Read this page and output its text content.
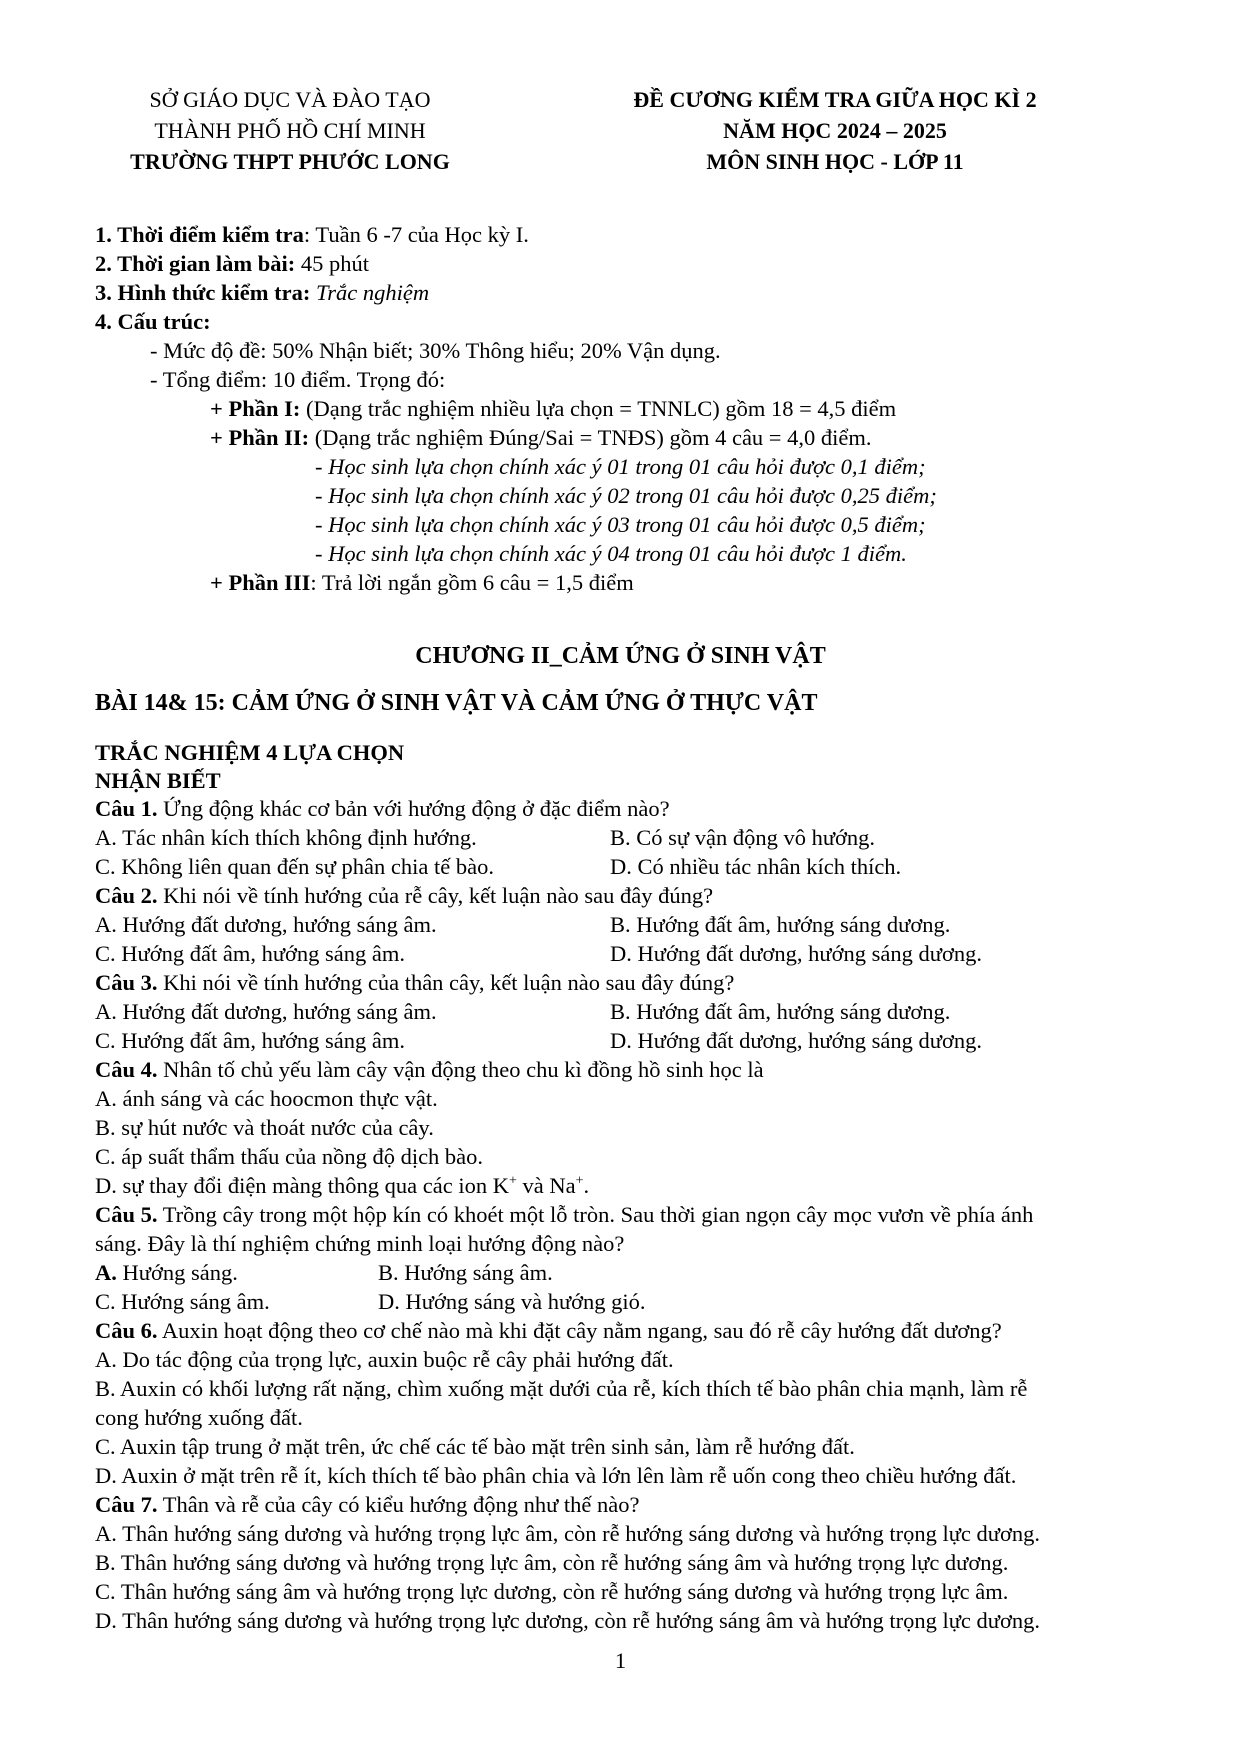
SỞ GIÁO DỤC VÀ ĐÀO TẠO
THÀNH PHỐ HỒ CHÍ MINH
TRƯỜNG THPT PHƯỚC LONG
ĐỀ CƯƠNG KIỂM TRA GIỮA HỌC KÌ 2
NĂM HỌC 2024 – 2025
MÔN SINH HỌC - LỚP 11
1. Thời điểm kiểm tra: Tuần 6 -7 của Học kỳ I.
2. Thời gian làm bài: 45 phút
3. Hình thức kiểm tra: Trắc nghiệm
4. Cấu trúc:
- Mức độ đề: 50% Nhận biết; 30% Thông hiểu; 20% Vận dụng.
- Tổng điểm: 10 điểm. Trọng đó:
+ Phần I: (Dạng trắc nghiệm nhiều lựa chọn = TNNLC) gồm 18 = 4,5 điểm
+ Phần II: (Dạng trắc nghiệm Đúng/Sai = TNĐS) gồm 4 câu = 4,0 điểm.
- Học sinh lựa chọn chính xác ý 01 trong 01 câu hỏi được 0,1 điểm;
- Học sinh lựa chọn chính xác ý 02 trong 01 câu hỏi được 0,25 điểm;
- Học sinh lựa chọn chính xác ý 03 trong 01 câu hỏi được 0,5 điểm;
- Học sinh lựa chọn chính xác ý 04 trong 01 câu hỏi được 1 điểm.
+ Phần III: Trả lời ngắn gồm 6 câu = 1,5 điểm
CHƯƠNG II_CẢM ỨNG Ở SINH VẬT
BÀI 14& 15: CẢM ỨNG Ở SINH VẬT VÀ CẢM ỨNG Ở THỰC VẬT
TRẮC NGHIỆM 4 LỰA CHỌN
NHẬN BIẾT
Câu 1. Ứng động khác cơ bản với hướng động ở đặc điểm nào?
A. Tác nhân kích thích không định hướng.	B. Có sự vận động vô hướng.
C. Không liên quan đến sự phân chia tế bào.	D. Có nhiều tác nhân kích thích.
Câu 2. Khi nói về tính hướng của rễ cây, kết luận nào sau đây đúng?
A. Hướng đất dương, hướng sáng âm.	B. Hướng đất âm, hướng sáng dương.
C. Hướng đất âm, hướng sáng âm.	D. Hướng đất dương, hướng sáng dương.
Câu 3. Khi nói về tính hướng của thân cây, kết luận nào sau đây đúng?
A. Hướng đất dương, hướng sáng âm.	B. Hướng đất âm, hướng sáng dương.
C. Hướng đất âm, hướng sáng âm.	D. Hướng đất dương, hướng sáng dương.
Câu 4. Nhân tố chủ yếu làm cây vận động theo chu kì đồng hồ sinh học là
A. ánh sáng và các hoocmon thực vật.
B. sự hút nước và thoát nước của cây.
C. áp suất thẩm thấu của nồng độ dịch bào.
D. sự thay đổi điện màng thông qua các ion K+ và Na+.
Câu 5. Trồng cây trong một hộp kín có khoét một lỗ tròn. Sau thời gian ngọn cây mọc vươn về phía ánh
sáng. Đây là thí nghiệm chứng minh loại hướng động nào?
A. Hướng sáng.	B. Hướng sáng âm.
C. Hướng sáng âm.	D. Hướng sáng và hướng gió.
Câu 6. Auxin hoạt động theo cơ chế nào mà khi đặt cây nằm ngang, sau đó rễ cây hướng đất dương?
A. Do tác động của trọng lực, auxin buộc rễ cây phải hướng đất.
B. Auxin có khối lượng rất nặng, chìm xuống mặt dưới của rễ, kích thích tế bào phân chia mạnh, làm rễ
cong hướng xuống đất.
C. Auxin tập trung ở mặt trên, ức chế các tế bào mặt trên sinh sản, làm rễ hướng đất.
D. Auxin ở mặt trên rễ ít, kích thích tế bào phân chia và lớn lên làm rễ uốn cong theo chiều hướng đất.
Câu 7. Thân và rễ của cây có kiểu hướng động như thế nào?
A. Thân hướng sáng dương và hướng trọng lực âm, còn rễ hướng sáng dương và hướng trọng lực dương.
B. Thân hướng sáng dương và hướng trọng lực âm, còn rễ hướng sáng âm và hướng trọng lực dương.
C. Thân hướng sáng âm và hướng trọng lực dương, còn rễ hướng sáng dương và hướng trọng lực âm.
D. Thân hướng sáng dương và hướng trọng lực dương, còn rễ hướng sáng âm và hướng trọng lực dương.
1
